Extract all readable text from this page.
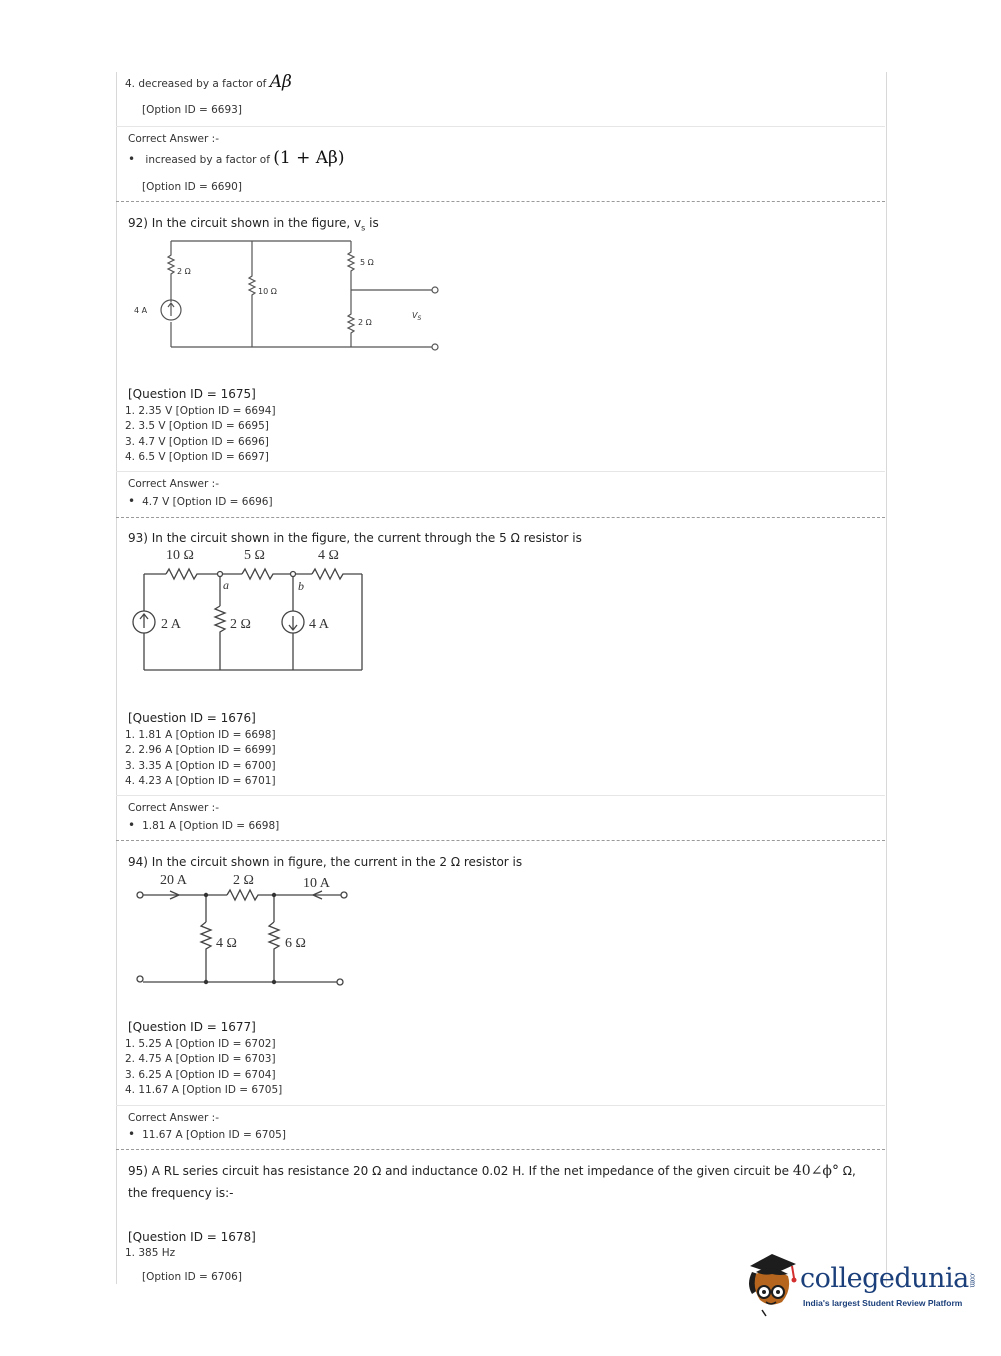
4. decreased by a factor of Aβ
[Option ID = 6693]
Correct Answer :-
• increased by a factor of (1 + Aβ)
[Option ID = 6690]
92) In the circuit shown in the figure, $v_s$ is
2 Ω
10 Ω
5 Ω
2 Ω
4 A
$V_S$
[Question ID = 1675]
1. 2.35 V [Option ID = 6694]
2. 3.5 V [Option ID = 6695]
3. 4.7 V [Option ID = 6696]
4. 6.5 V [Option ID = 6697]
Correct Answer :-
• 4.7 V [Option ID = 6696]
93) In the circuit shown in the figure, the current through the 5 Ω resistor is
10 Ω	5 Ω	4 Ω
a	b
2 A	2 Ω	4 A
[Question ID = 1676]
1. 1.81 A [Option ID = 6698]
2. 2.96 A [Option ID = 6699]
3. 3.35 A [Option ID = 6700]
4. 4.23 A [Option ID = 6701]
Correct Answer :-
• 1.81 A [Option ID = 6698]
94) In the circuit shown in figure, the current in the 2 Ω resistor is
20 A	2 Ω	10 A
4 Ω	6 Ω
[Question ID = 1677]
1. 5.25 A [Option ID = 6702]
2. 4.75 A [Option ID = 6703]
3. 6.25 A [Option ID = 6704]
4. 11.67 A [Option ID = 6705]
Correct Answer :-
• 11.67 A [Option ID = 6705]
95) A RL series circuit has resistance 20 Ω and inductance 0.02 H. If the net impedance of the given circuit be 40∠ϕ° Ω,
the frequency is:-
[Question ID = 1678]
1. 385 Hz
[Option ID = 6706]	collegedunia.com
India's largest Student Review Platform
